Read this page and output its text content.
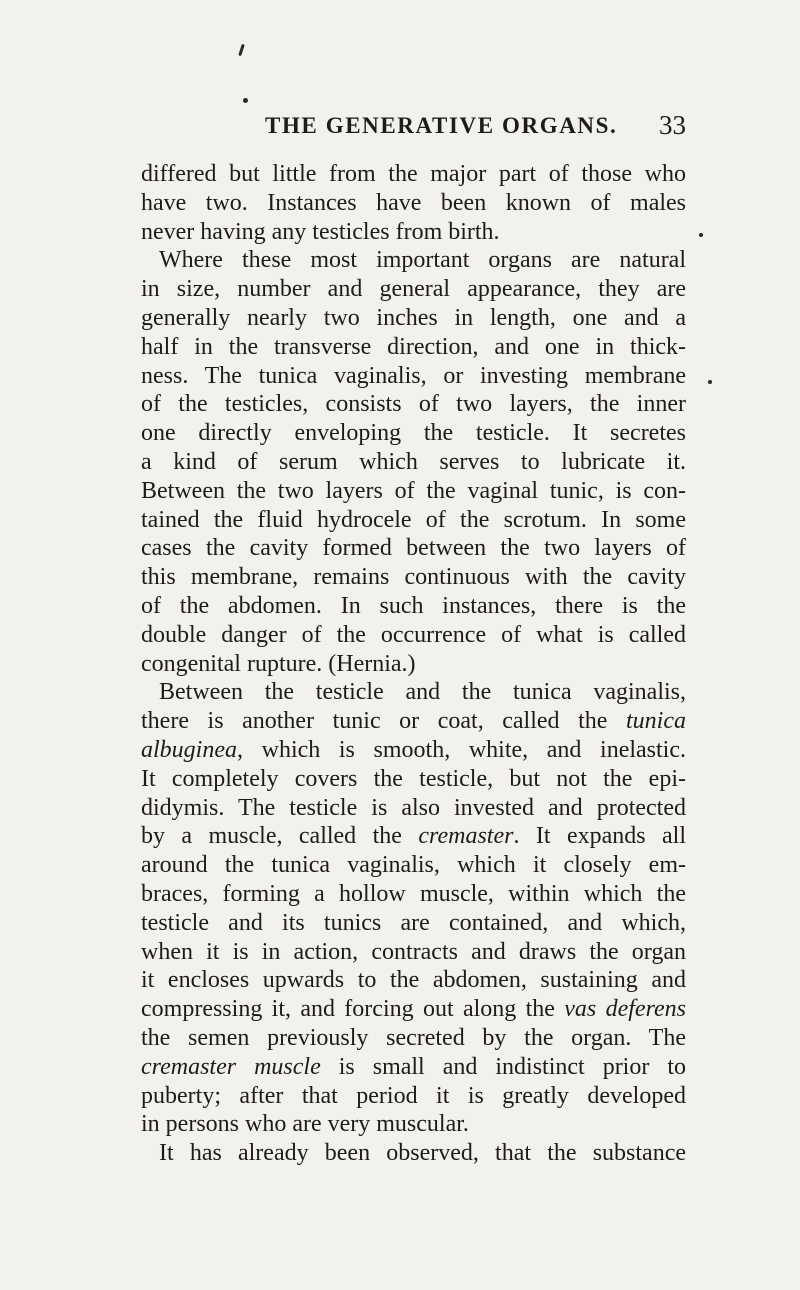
THE GENERATIVE ORGANS. 33
differed but little from the major part of those who
have two. Instances have been known of males
never having any testicles from birth.
Where these most important organs are natural
in size, number and general appearance, they are
generally nearly two inches in length, one and a
half in the transverse direction, and one in thick-
ness. The tunica vaginalis, or investing membrane
of the testicles, consists of two layers, the inner
one directly enveloping the testicle. It secretes
a kind of serum which serves to lubricate it.
Between the two layers of the vaginal tunic, is con-
tained the fluid hydrocele of the scrotum. In some
cases the cavity formed between the two layers of
this membrane, remains continuous with the cavity
of the abdomen. In such instances, there is the
double danger of the occurrence of what is called
congenital rupture. (Hernia.)
Between the testicle and the tunica vaginalis,
there is another tunic or coat, called the tunica
albuginea, which is smooth, white, and inelastic.
It completely covers the testicle, but not the epi-
didymis. The testicle is also invested and protected
by a muscle, called the cremaster. It expands all
around the tunica vaginalis, which it closely em-
braces, forming a hollow muscle, within which the
testicle and its tunics are contained, and which,
when it is in action, contracts and draws the organ
it encloses upwards to the abdomen, sustaining and
compressing it, and forcing out along the vas deferens
the semen previously secreted by the organ. The
cremaster muscle is small and indistinct prior to
puberty; after that period it is greatly developed
in persons who are very muscular.
It has already been observed, that the substance
